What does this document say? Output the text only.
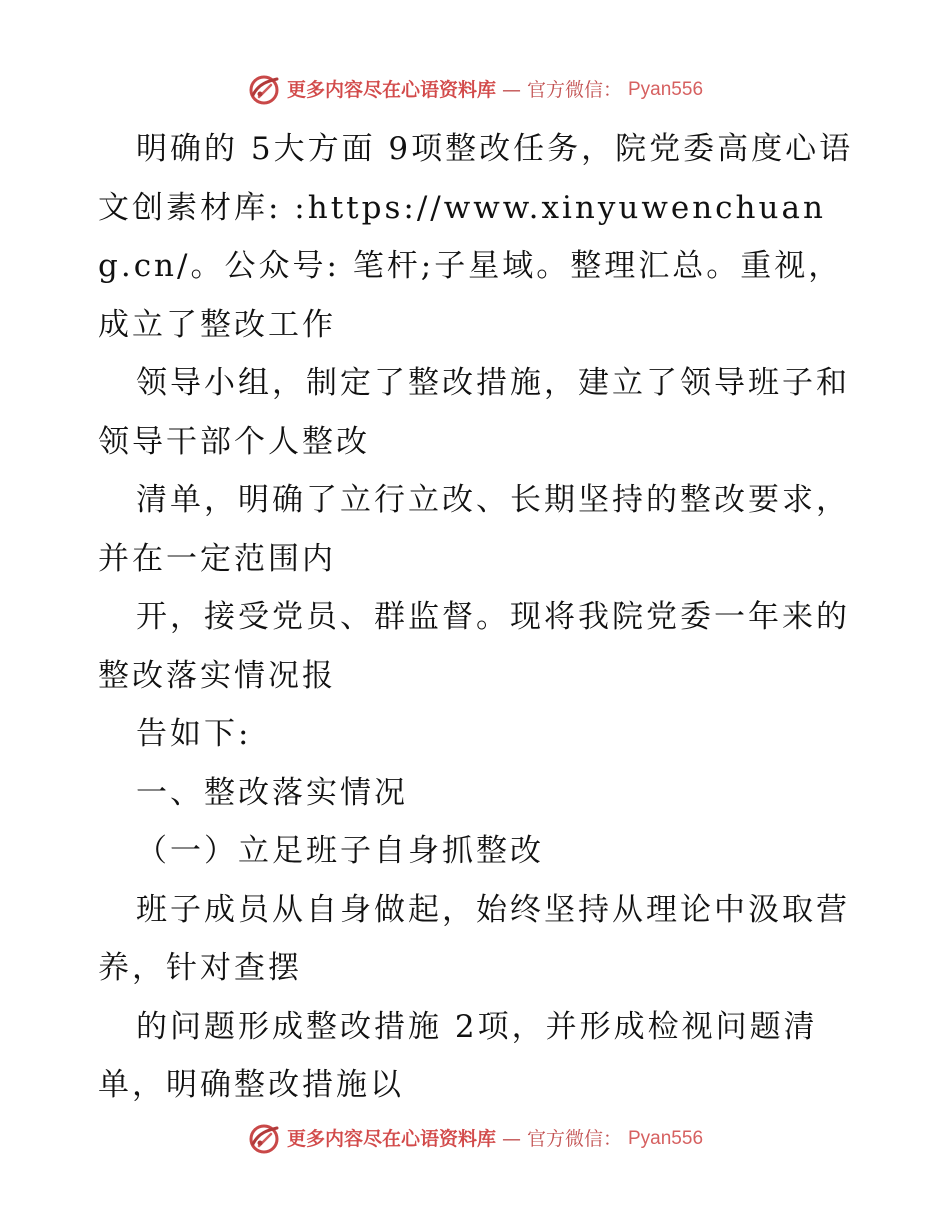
更多内容尽在心语资料库 — 官方微信： Pyan556

明确的 5大方面 9项整改任务，院党委高度心语文创素材库: :https://www.xinyuwenchuang.cn/。公众号: 笔杆;子星域。整理汇总。重视，成立了整改工作

领导小组，制定了整改措施，建立了领导班子和领导干部个人整改

清单，明确了立行立改、长期坚持的整改要求，并在一定范围内

开，接受党员、群监督。现将我院党委一年来的整改落实情况报

告如下:

一、整改落实情况

（一）立足班子自身抓整改

班子成员从自身做起，始终坚持从理论中汲取营养，针对查摆

的问题形成整改措施 2项，并形成检视问题清单，明确整改措施以

更多内容尽在心语资料库 — 官方微信： Pyan556
